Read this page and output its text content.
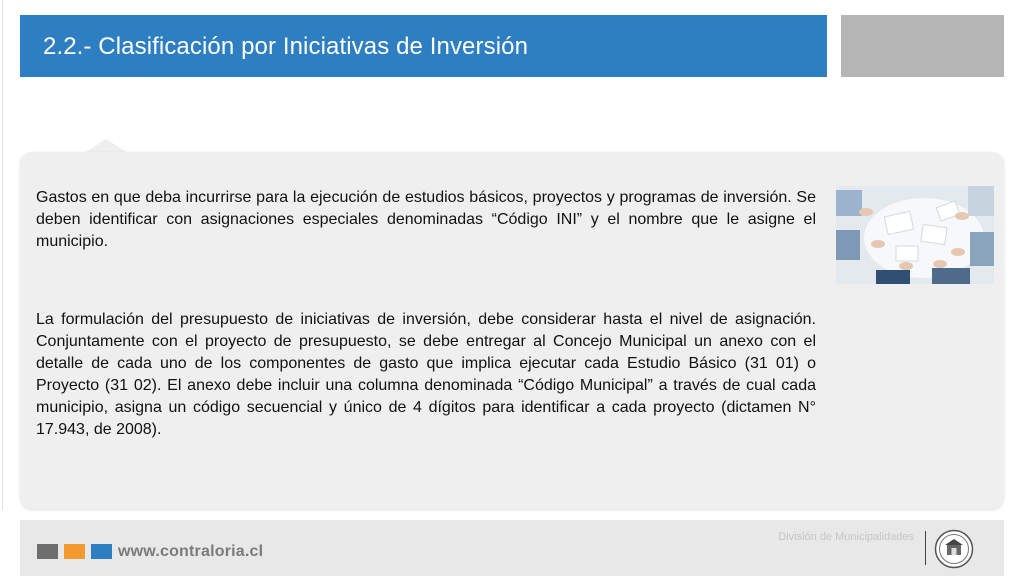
2.2.- Clasificación por Iniciativas de Inversión

Gastos en que deba incurrirse para la ejecución de estudios básicos, proyectos y programas de inversión. Se deben identificar con asignaciones especiales denominadas “Código INI” y el nombre que le asigne el municipio.

La formulación del presupuesto de iniciativas de inversión, debe considerar hasta el nivel de asignación. Conjuntamente con el proyecto de presupuesto, se debe entregar al Concejo Municipal un anexo con el detalle de cada uno de los componentes de gasto que implica ejecutar cada Estudio Básico (31 01) o Proyecto (31 02). El anexo debe incluir una columna denominada “Código Municipal” a través de cual cada municipio, asigna un código secuencial y único de 4 dígitos para identificar a cada proyecto (dictamen N° 17.943, de 2008).

www.contraloria.cl
División de Municipalidades
